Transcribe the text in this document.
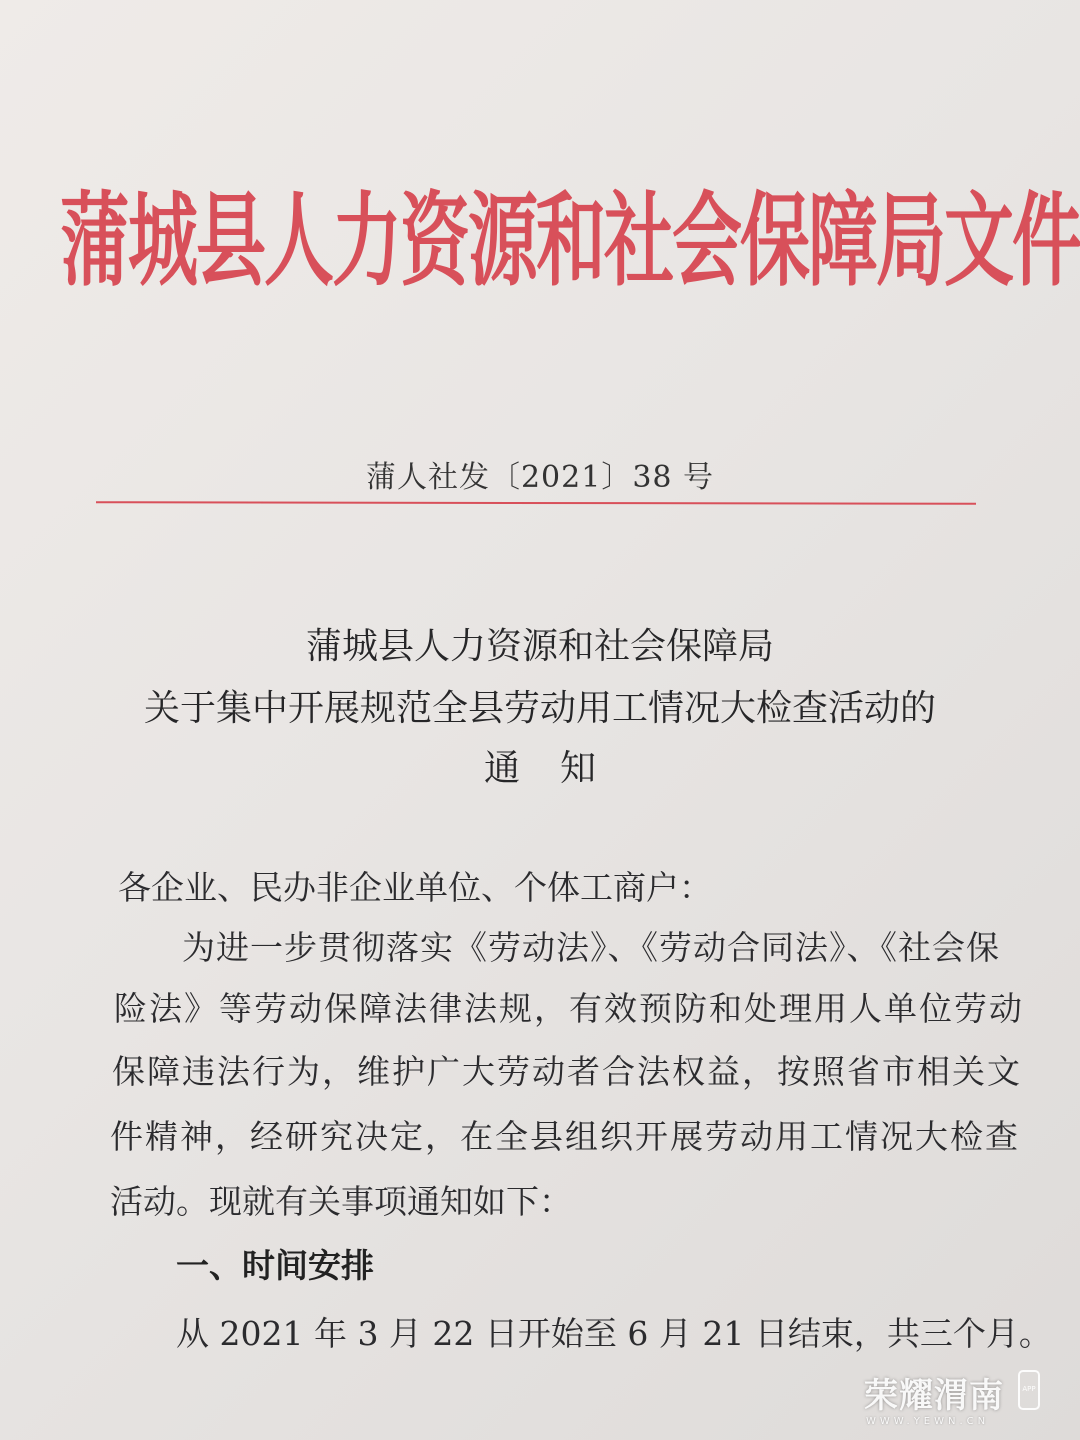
蒲城县人力资源和社会保障局文件
蒲人社发〔2021〕38 号
蒲城县人力资源和社会保障局
关于集中开展规范全县劳动用工情况大检查活动的
通知
各企业、民办非企业单位、个体工商户：
为进一步贯彻落实《劳动法》、《劳动合同法》、《社会保
险法》等劳动保障法律法规，有效预防和处理用人单位劳动
保障违法行为，维护广大劳动者合法权益，按照省市相关文
件精神，经研究决定，在全县组织开展劳动用工情况大检查
活动。现就有关事项通知如下：
一、时间安排
从 2021 年 3 月 22 日开始至 6 月 21 日结束，共三个月。
荣耀渭南
WWW.YEWN.CN
APP
